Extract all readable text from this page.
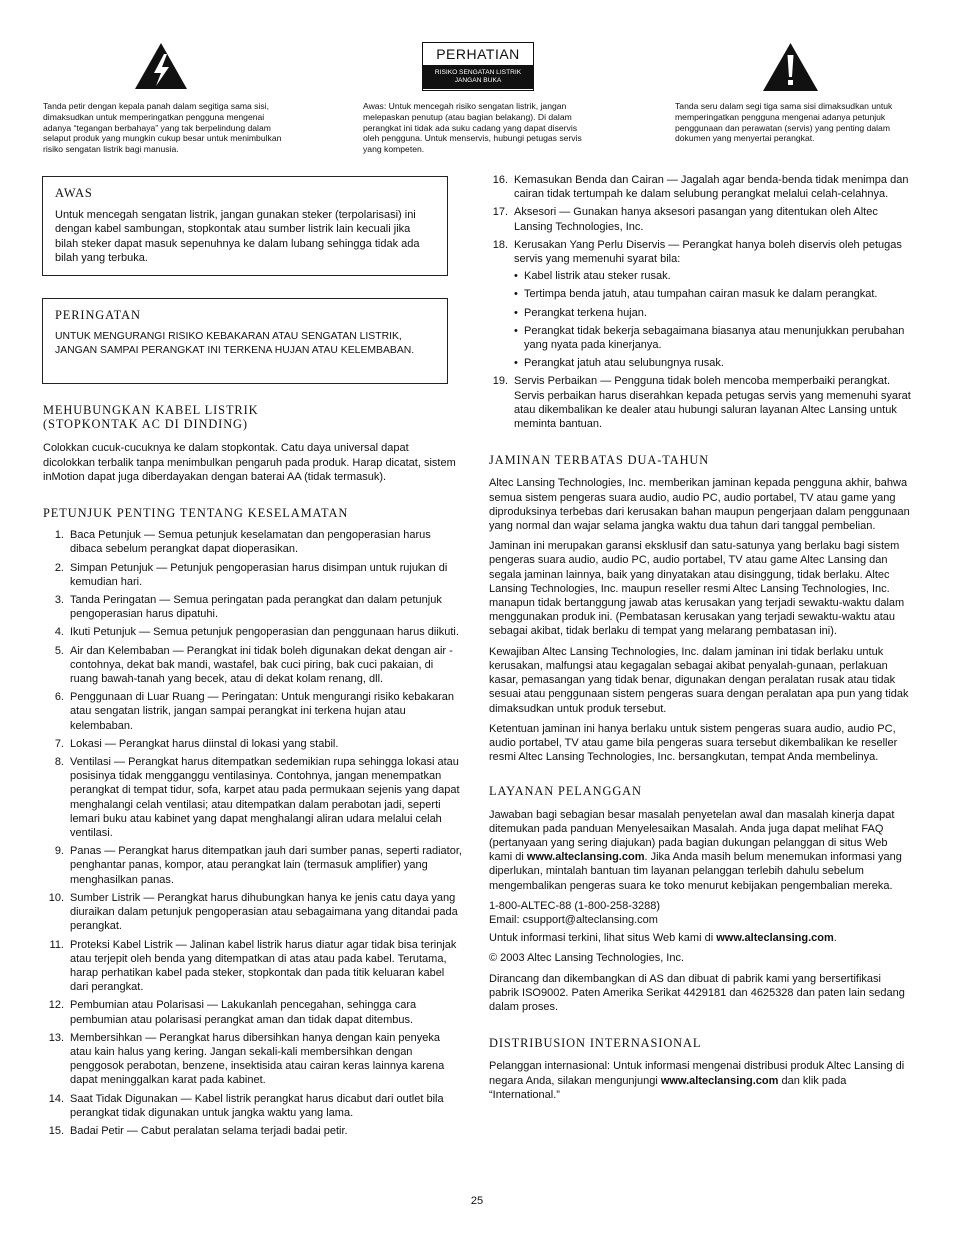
Tanda petir dengan kepala panah dalam segitiga sama sisi, dimaksudkan untuk memperingatkan pengguna mengenai adanya “tegangan berbahaya” yang tak berpelindung dalam selaput produk yang mungkin cukup besar untuk menimbulkan risiko sengatan listrik bagi manusia.
PERHATIAN
RISIKO SENGATAN LISTRIK
JANGAN BUKA
Awas: Untuk mencegah risiko sengatan listrik, jangan melepaskan penutup (atau bagian belakang). Di dalam perangkat ini tidak ada suku cadang yang dapat diservis oleh pengguna. Untuk menservis, hubungi petugas servis yang kompeten.
Tanda seru dalam segi tiga sama sisi dimaksudkan untuk memperingatkan pengguna mengenai adanya petunjuk penggunaan dan perawatan (servis) yang penting dalam dokumen yang menyertai perangkat.
AWAS
Untuk mencegah sengatan listrik, jangan gunakan steker (terpolarisasi) ini dengan kabel sambungan, stopkontak atau sumber listrik lain kecuali jika bilah steker dapat masuk sepenuhnya ke dalam lubang sehingga tidak ada bilah yang terbuka.
PERINGATAN
UNTUK MENGURANGI RISIKO KEBAKARAN ATAU SENGATAN LISTRIK, JANGAN SAMPAI PERANGKAT INI TERKENA HUJAN ATAU KELEMBABAN.
MEHUBUNGKAN KABEL LISTRIK
(STOPKONTAK AC DI DINDING)

Colokkan cucuk-cucuknya ke dalam stopkontak. Catu daya universal dapat dicolokkan terbalik tanpa menimbulkan pengaruh pada produk. Harap dicatat, sistem inMotion dapat juga diberdayakan dengan baterai AA (tidak termasuk).

PETUNJUK PENTING TENTANG KESELAMATAN
1. Baca Petunjuk — Semua petunjuk keselamatan dan pengoperasian harus dibaca sebelum perangkat dapat dioperasikan.
2. Simpan Petunjuk — Petunjuk pengoperasian harus disimpan untuk rujukan di kemudian hari.
3. Tanda Peringatan — Semua peringatan pada perangkat dan dalam petunjuk pengoperasian harus dipatuhi.
4. Ikuti Petunjuk — Semua petunjuk pengoperasian dan penggunaan harus diikuti.
5. Air dan Kelembaban — Perangkat ini tidak boleh digunakan dekat dengan air - contohnya, dekat bak mandi, wastafel, bak cuci piring, bak cuci pakaian, di ruang bawah-tanah yang becek, atau di dekat kolam renang, dll.
6. Penggunaan di Luar Ruang — Peringatan: Untuk mengurangi risiko kebakaran atau sengatan listrik, jangan sampai perangkat ini terkena hujan atau kelembaban.
7. Lokasi — Perangkat harus diinstal di lokasi yang stabil.
8. Ventilasi — Perangkat harus ditempatkan sedemikian rupa sehingga lokasi atau posisinya tidak mengganggu ventilasinya. Contohnya, jangan menempatkan perangkat di tempat tidur, sofa, karpet atau pada permukaan sejenis yang dapat menghalangi celah ventilasi; atau ditempatkan dalam perabotan jadi, seperti lemari buku atau kabinet yang dapat menghalangi aliran udara melalui celah ventilasi.
9. Panas — Perangkat harus ditempatkan jauh dari sumber panas, seperti radiator, penghantar panas, kompor, atau perangkat lain (termasuk amplifier) yang menghasilkan panas.
10. Sumber Listrik — Perangkat harus dihubungkan hanya ke jenis catu daya yang diuraikan dalam petunjuk pengoperasian atau sebagaimana yang ditandai pada perangkat.
11. Proteksi Kabel Listrik — Jalinan kabel listrik harus diatur agar tidak bisa terinjak atau terjepit oleh benda yang ditempatkan di atas atau pada kabel. Terutama, harap perhatikan kabel pada steker, stopkontak dan pada titik keluaran kabel dari perangkat.
12. Pembumian atau Polarisasi — Lakukanlah pencegahan, sehingga cara pembumian atau polarisasi perangkat aman dan tidak dapat ditembus.
13. Membersihkan — Perangkat harus dibersihkan hanya dengan kain penyeka atau kain halus yang kering. Jangan sekali-kali membersihkan dengan penggosok perabotan, benzene, insektisida atau cairan keras lainnya karena dapat meninggalkan karat pada kabinet.
14. Saat Tidak Digunakan — Kabel listrik perangkat harus dicabut dari outlet bila perangkat tidak digunakan untuk jangka waktu yang lama.
15. Badai Petir — Cabut peralatan selama terjadi badai petir.
16. Kemasukan Benda dan Cairan — Jagalah agar benda-benda tidak menimpa dan cairan tidak tertumpah ke dalam selubung perangkat melalui celah-celahnya.
17. Aksesori — Gunakan hanya aksesori pasangan yang ditentukan oleh Altec Lansing Technologies, Inc.
18. Kerusakan Yang Perlu Diservis — Perangkat hanya boleh diservis oleh petugas servis yang memenuhi syarat bila:
• Kabel listrik atau steker rusak.
• Tertimpa benda jatuh, atau tumpahan cairan masuk ke dalam perangkat.
• Perangkat terkena hujan.
• Perangkat tidak bekerja sebagaimana biasanya atau menunjukkan perubahan yang nyata pada kinerjanya.
• Perangkat jatuh atau selubungnya rusak.
19. Servis Perbaikan — Pengguna tidak boleh mencoba memperbaiki perangkat. Servis perbaikan harus diserahkan kepada petugas servis yang memenuhi syarat atau dikembalikan ke dealer atau hubungi saluran layanan Altec Lansing untuk meminta bantuan.
JAMINAN TERBATAS DUA-TAHUN

Altec Lansing Technologies, Inc. memberikan jaminan kepada pengguna akhir, bahwa semua sistem pengeras suara audio, audio PC, audio portabel, TV atau game yang diproduksinya terbebas dari kerusakan bahan maupun pengerjaan dalam penggunaan yang normal dan wajar selama jangka waktu dua tahun dari tanggal pembelian.

Jaminan ini merupakan garansi eksklusif dan satu-satunya yang berlaku bagi sistem pengeras suara audio, audio PC, audio portabel, TV atau game Altec Lansing dan segala jaminan lainnya, baik yang dinyatakan atau disinggung, tidak berlaku. Altec Lansing Technologies, Inc. maupun reseller resmi Altec Lansing Technologies, Inc. manapun tidak bertanggung jawab atas kerusakan yang terjadi sewaktu-waktu dalam menggunakan produk ini. (Pembatasan kerusakan yang terjadi sewaktu-waktu atau sebagai akibat, tidak berlaku di tempat yang melarang pembatasan ini).

Kewajiban Altec Lansing Technologies, Inc. dalam jaminan ini tidak berlaku untuk kerusakan, malfungsi atau kegagalan sebagai akibat penyalah-gunaan, perlakuan kasar, pemasangan yang tidak benar, digunakan dengan peralatan rusak atau tidak sesuai atau penggunaan sistem pengeras suara dengan peralatan apa pun yang tidak dimaksudkan untuk produk tersebut.

Ketentuan jaminan ini hanya berlaku untuk sistem pengeras suara audio, audio PC, audio portabel, TV atau game bila pengeras suara tersebut dikembalikan ke reseller resmi Altec Lansing Technologies, Inc. bersangkutan, tempat Anda membelinya.

LAYANAN PELANGGAN

Jawaban bagi sebagian besar masalah penyetelan awal dan masalah kinerja dapat ditemukan pada panduan Menyelesaikan Masalah. Anda juga dapat melihat FAQ (pertanyaan yang sering diajukan) pada bagian dukungan pelanggan di situs Web kami di www.alteclansing.com. Jika Anda masih belum menemukan informasi yang diperlukan, mintalah bantuan tim layanan pelanggan terlebih dahulu sebelum mengembalikan pengeras suara ke toko menurut kebijakan pengembalian mereka.

1-800-ALTEC-88 (1-800-258-3288)
Email: csupport@alteclansing.com

Untuk informasi terkini, lihat situs Web kami di www.alteclansing.com.

© 2003 Altec Lansing Technologies, Inc.

Dirancang dan dikembangkan di AS dan dibuat di pabrik kami yang bersertifikasi pabrik ISO9002. Paten Amerika Serikat 4429181 dan 4625328 dan paten lain sedang dalam proses.

DISTRIBUSION INTERNASIONAL

Pelanggan internasional: Untuk informasi mengenai distribusi produk Altec Lansing di negara Anda, silakan mengunjungi www.alteclansing.com dan klik pada “International.”

25
